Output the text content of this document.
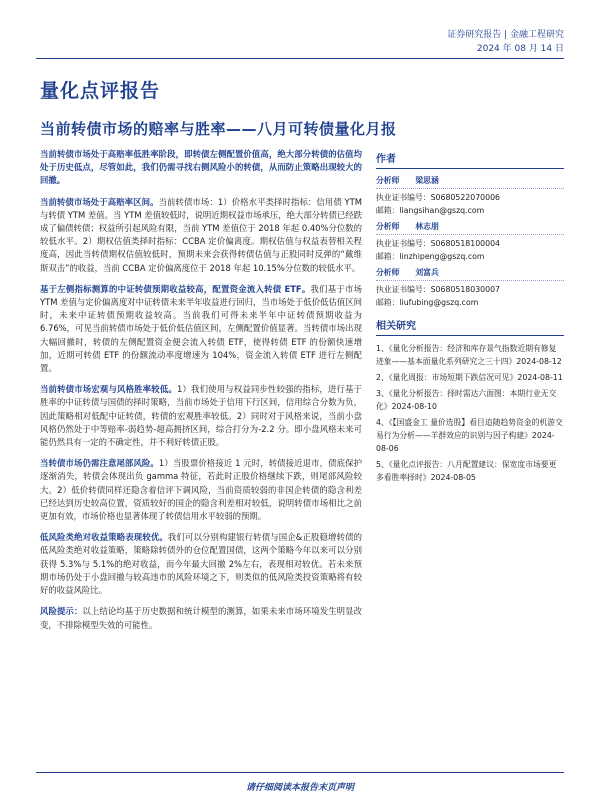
证券研究报告 | 金融工程研究
2024 年 08 月 14 日
量化点评报告
当前转债市场的赔率与胜率——八月可转债量化月报

当前转债市场处于高赔率低胜率阶段，即转债左侧配置价值高，绝大部分转债的估值均处于历史低点，尽管如此，我们仍需寻找右侧风险小的转债，从而防止策略出现较大的回撤。

当前转债市场处于高赔率区间。当前转债市场：1）价格水平类择时指标：信用债 YTM 与转债 YTM 差值。当 YTM 差值较低时，说明近期权益市场承压，绝大部分转债已经跌成了偏债转债；权益所引起风险有限，当前 YTM 差值位于 2018 年起 0.40%分位数的较低水平。2）期权估值类择时指标：CCBA 定价偏离度。期权估值与权益表替相关程度高，因此当转债期权估值较低时，预期未来会获得转债估值与正股同时反弹的“戴维斯双击”的收益，当前 CCBA 定价偏离度位于 2018 年起 10.15%分位数的较低水平。

基于左侧指标测算的中证转债预期收益较高，配置资金流入转债 ETF。我们基于市场 YTM 差值与定价偏离度对中证转债未来半年收益进行回归，当市场处于低价低估值区间时，未来中证转债预期收益较高。当前我们可得未来半年中证转债预期收益为 6.76%，可见当前转债市场处于低价低估值区间，左侧配置价值显著。当转债市场出现大幅回撤时，转债的左侧配置资金便会流入转债 ETF，使得转债 ETF 的份额快速增加，近期可转债 ETF 的份额流动率度增速为 104%，资金流入转债 ETF 进行左侧配置。

当前转债市场宏观与风格胜率较低。1）我们使用与权益同步性较强的指标，进行基于胜率的中证转债与国债的择时策略，当前市场处于信用下行区间，信用综合分数为负，因此策略相对低配中证转债，转债的宏观胜率较低。2）同时对于风格来说，当前小盘风格仍然处于中等赔率-弱趋势-超高拥挤区间，综合打分为-2.2 分。即小盘风格未来可能仍然具有一定的不确定性，并不利好转债正股。

当转债市场仍需注意尾部风险。1）当股票价格接近 1 元时，转债接近退市，债底保护逐渐消失，转债会体现出负 gamma 特征，若此时正股价格继续下跌，则尾部风险较大。2）低价转债同样还隐含着信评下调风险，当前资质较弱的非国企转债的隐含利差已经达到历史较高位置，资质较好的国企的隐含利差相对较低，说明转债市场相比之前更加有效，市场价格也显著体现了转债信用水平较弱的预期。

低风险类绝对收益策略表现较优。我们可以分别构建银行转债与国企&正股稳增转债的低风险类绝对收益策略，策略除转债外的仓位配置国债，这两个策略今年以来可以分别获得 5.3%与 5.1%的绝对收益，而今年最大回撤 2%左右，表现相对较优。若未来预期市场仍处于小盘回撤与较高违市的风险环境之下，则类似的低风险类投资策略将有较好的收益风险比。

风险提示：以上结论均基于历史数据和统计模型的测算，如果未来市场环境发生明显改变，不排除模型失效的可能性。

作者
分析师 梁思涵
执业证书编号：S0680522070006
邮箱：liangsihan@gszq.com
分析师 林志朋
执业证书编号：S0680518100004
邮箱：linzhipeng@gszq.com
分析师 刘富兵
执业证书编号：S0680518030007
邮箱：liufubing@gszq.com
相关研究
1、《量化分析报告：经济和库存景气指数近期有修复迹象——基本面量化系列研究之三十四》2024-08-12
2、《量化周报：市场短期下跌信况可见》2024-08-11
3、《量化分析报告：择时需达六面图：本期行业无交化》2024-08-10
4、《【国盛金工 量价选股】看目追随趋势资金的机游交易行为分析——羊群效应的识别与因子构建》2024-08-06
5、《量化点评报告：八月配置建议：保宽度市场要更多看胜率择时》2024-08-05
请仔细阅读本报告末页声明
